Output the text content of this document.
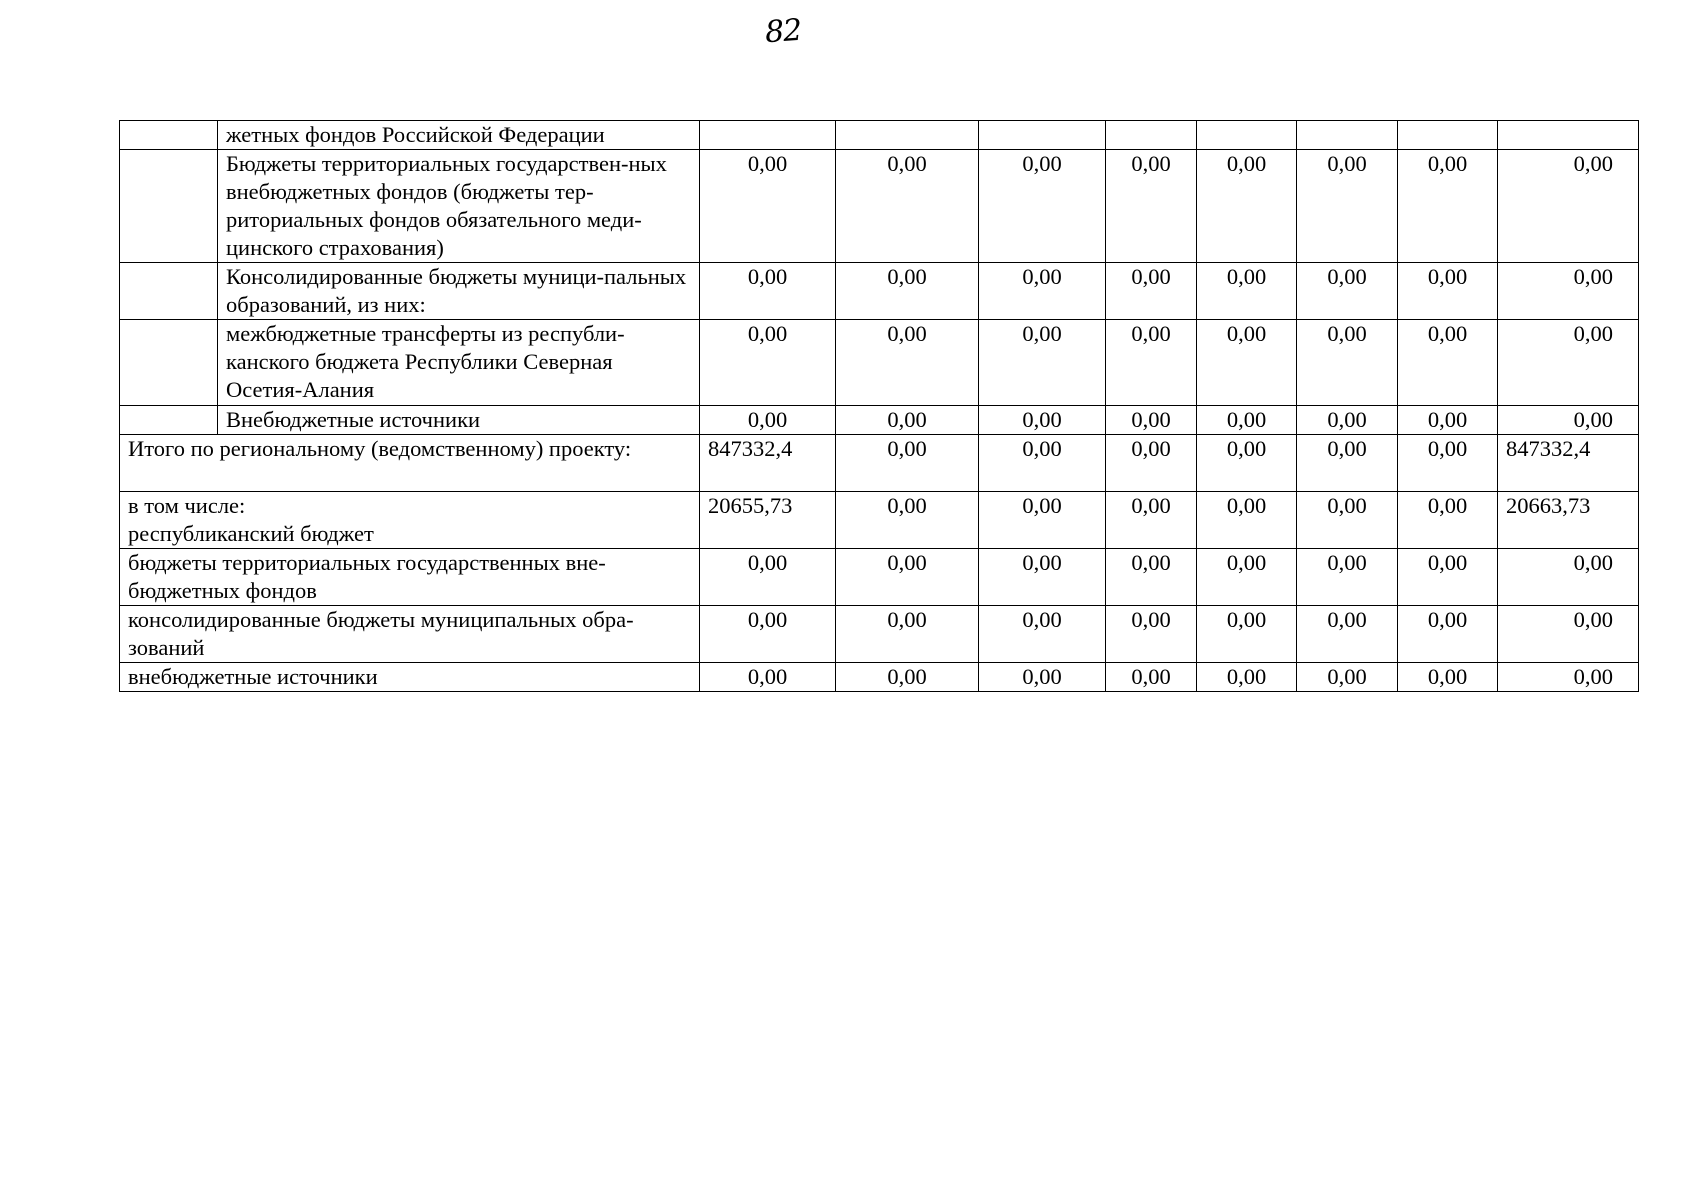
82
	жетных фондов Российской Федерации								
	Бюджеты территориальных государствен-ных внебюджетных фондов (бюджеты тер-риториальных фондов обязательного меди-цинского страхования)	0,00	0,00	0,00	0,00	0,00	0,00	0,00	0,00
	Консолидированные бюджеты муници-пальных образований, из них:	0,00	0,00	0,00	0,00	0,00	0,00	0,00	0,00
	межбюджетные трансферты из республи-канского бюджета Республики Северная Осетия-Алания	0,00	0,00	0,00	0,00	0,00	0,00	0,00	0,00
	Внебюджетные источники	0,00	0,00	0,00	0,00	0,00	0,00	0,00	0,00
Итого по региональному (ведомственному) проекту:		847332,4	0,00	0,00	0,00	0,00	0,00	0,00	847332,4
в том числе:
республиканский бюджет		20655,73	0,00	0,00	0,00	0,00	0,00	0,00	20663,73
бюджеты территориальных государственных вне-бюджетных фондов		0,00	0,00	0,00	0,00	0,00	0,00	0,00	0,00
консолидированные бюджеты муниципальных обра-зований		0,00	0,00	0,00	0,00	0,00	0,00	0,00	0,00
внебюджетные источники		0,00	0,00	0,00	0,00	0,00	0,00	0,00	0,00
